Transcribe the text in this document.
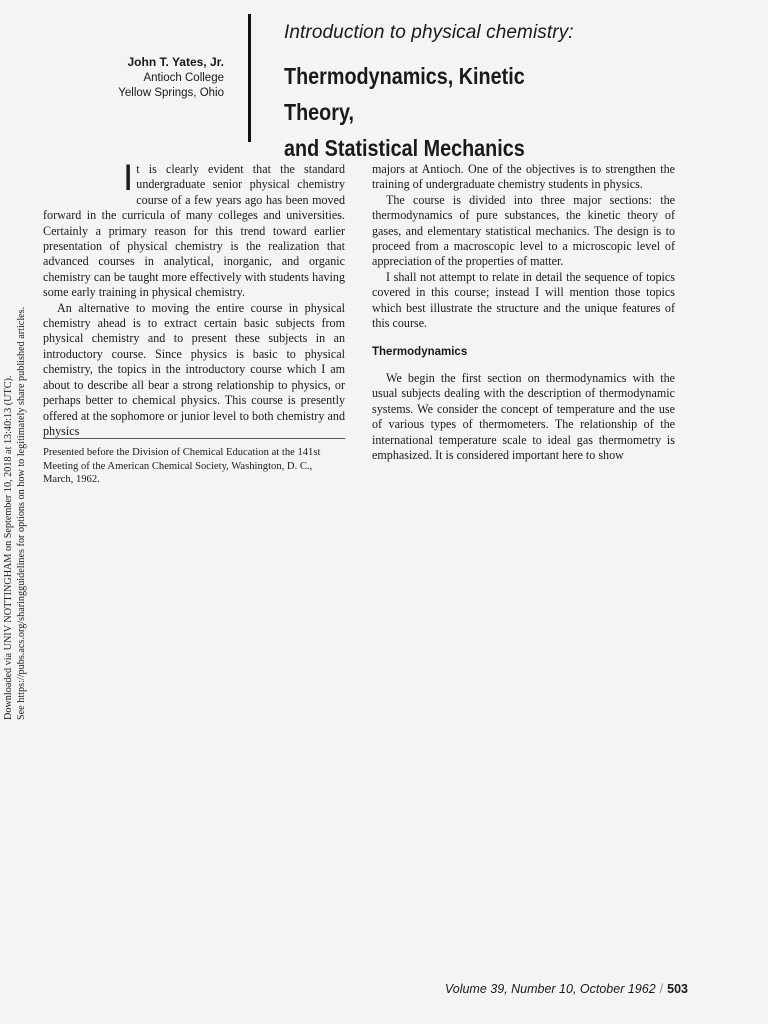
John T. Yates, Jr.
Antioch College
Yellow Springs, Ohio
Introduction to physical chemistry:
Thermodynamics, Kinetic Theory,
and Statistical Mechanics

It is clearly evident that the standard undergraduate senior physical chemistry course of a few years ago has been moved forward in the curricula of many colleges and universities. Certainly a primary reason for this trend toward earlier presentation of physical chemistry is the realization that advanced courses in analytical, inorganic, and organic chemistry can be taught more effectively with students having some early training in physical chemistry.

An alternative to moving the entire course in physical chemistry ahead is to extract certain basic subjects from physical chemistry and to present these subjects in an introductory course. Since physics is basic to physical chemistry, the topics in the introductory course which I am about to describe all bear a strong relationship to physics, or perhaps better to chemical physics. This course is presently offered at the sophomore or junior level to both chemistry and physics

Presented before the Division of Chemical Education at the 141st Meeting of the American Chemical Society, Washington, D. C., March, 1962.

majors at Antioch. One of the objectives is to strengthen the training of undergraduate chemistry students in physics.

The course is divided into three major sections: the thermodynamics of pure substances, the kinetic theory of gases, and elementary statistical mechanics. The design is to proceed from a macroscopic level to a microscopic level of appreciation of the properties of matter.

I shall not attempt to relate in detail the sequence of topics covered in this course; instead I will mention those topics which best illustrate the structure and the unique features of this course.

Thermodynamics

We begin the first section on thermodynamics with the usual subjects dealing with the description of thermodynamic systems. We consider the concept of temperature and the use of various types of thermometers. The relationship of the international temperature scale to ideal gas thermometry is emphasized. It is considered important here to show

Downloaded via UNIV NOTTINGHAM on September 10, 2018 at 13:40:13 (UTC). See https://pubs.acs.org/sharingguidelines for options on how to legitimately share published articles.
Volume 39, Number 10, October 1962 / 503
